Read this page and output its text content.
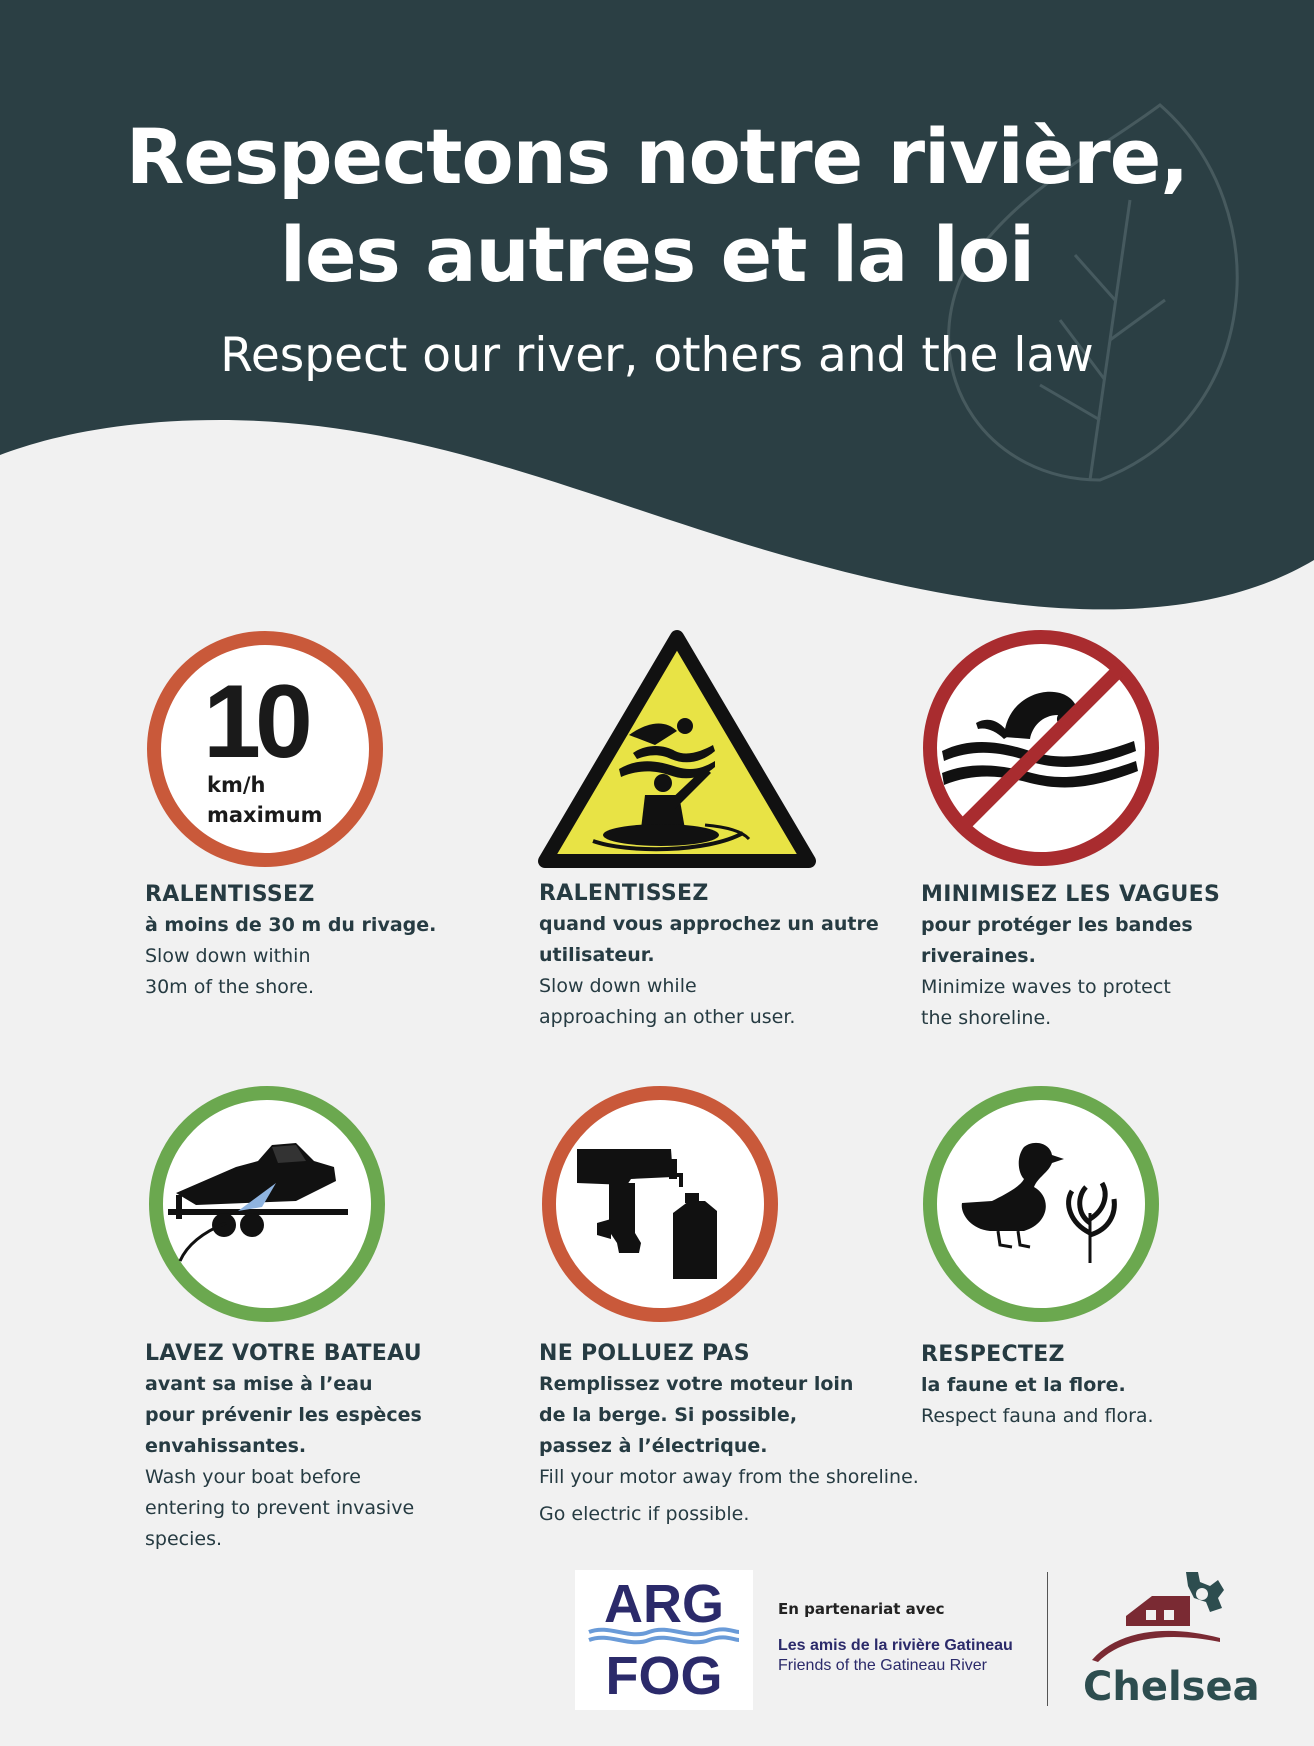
Respectons notre rivière,
les autres et la loi

Respect our river, others and the law

10
km/h
maximum
RALENTISSEZ
à moins de 30 m du rivage.
Slow down within
30m of the shore.
RALENTISSEZ
quand vous approchez un autre
utilisateur.
Slow down while
approaching an other user.
MINIMISEZ LES VAGUES
pour protéger les bandes
riveraines.
Minimize waves to protect
the shoreline.
LAVEZ VOTRE BATEAU
avant sa mise à l’eau
pour prévenir les espèces
envahissantes.
Wash your boat before
entering to prevent invasive
species.
NE POLLUEZ PAS
Remplissez votre moteur loin
de la berge. Si possible,
passez à l’électrique.
Fill your motor away from the shoreline.
Go electric if possible.
RESPECTEZ
la faune et la flore.
Respect fauna and flora.
ARG
FOG
En partenariat avec
Les amis de la rivière Gatineau
Friends of the Gatineau River	Chelsea
